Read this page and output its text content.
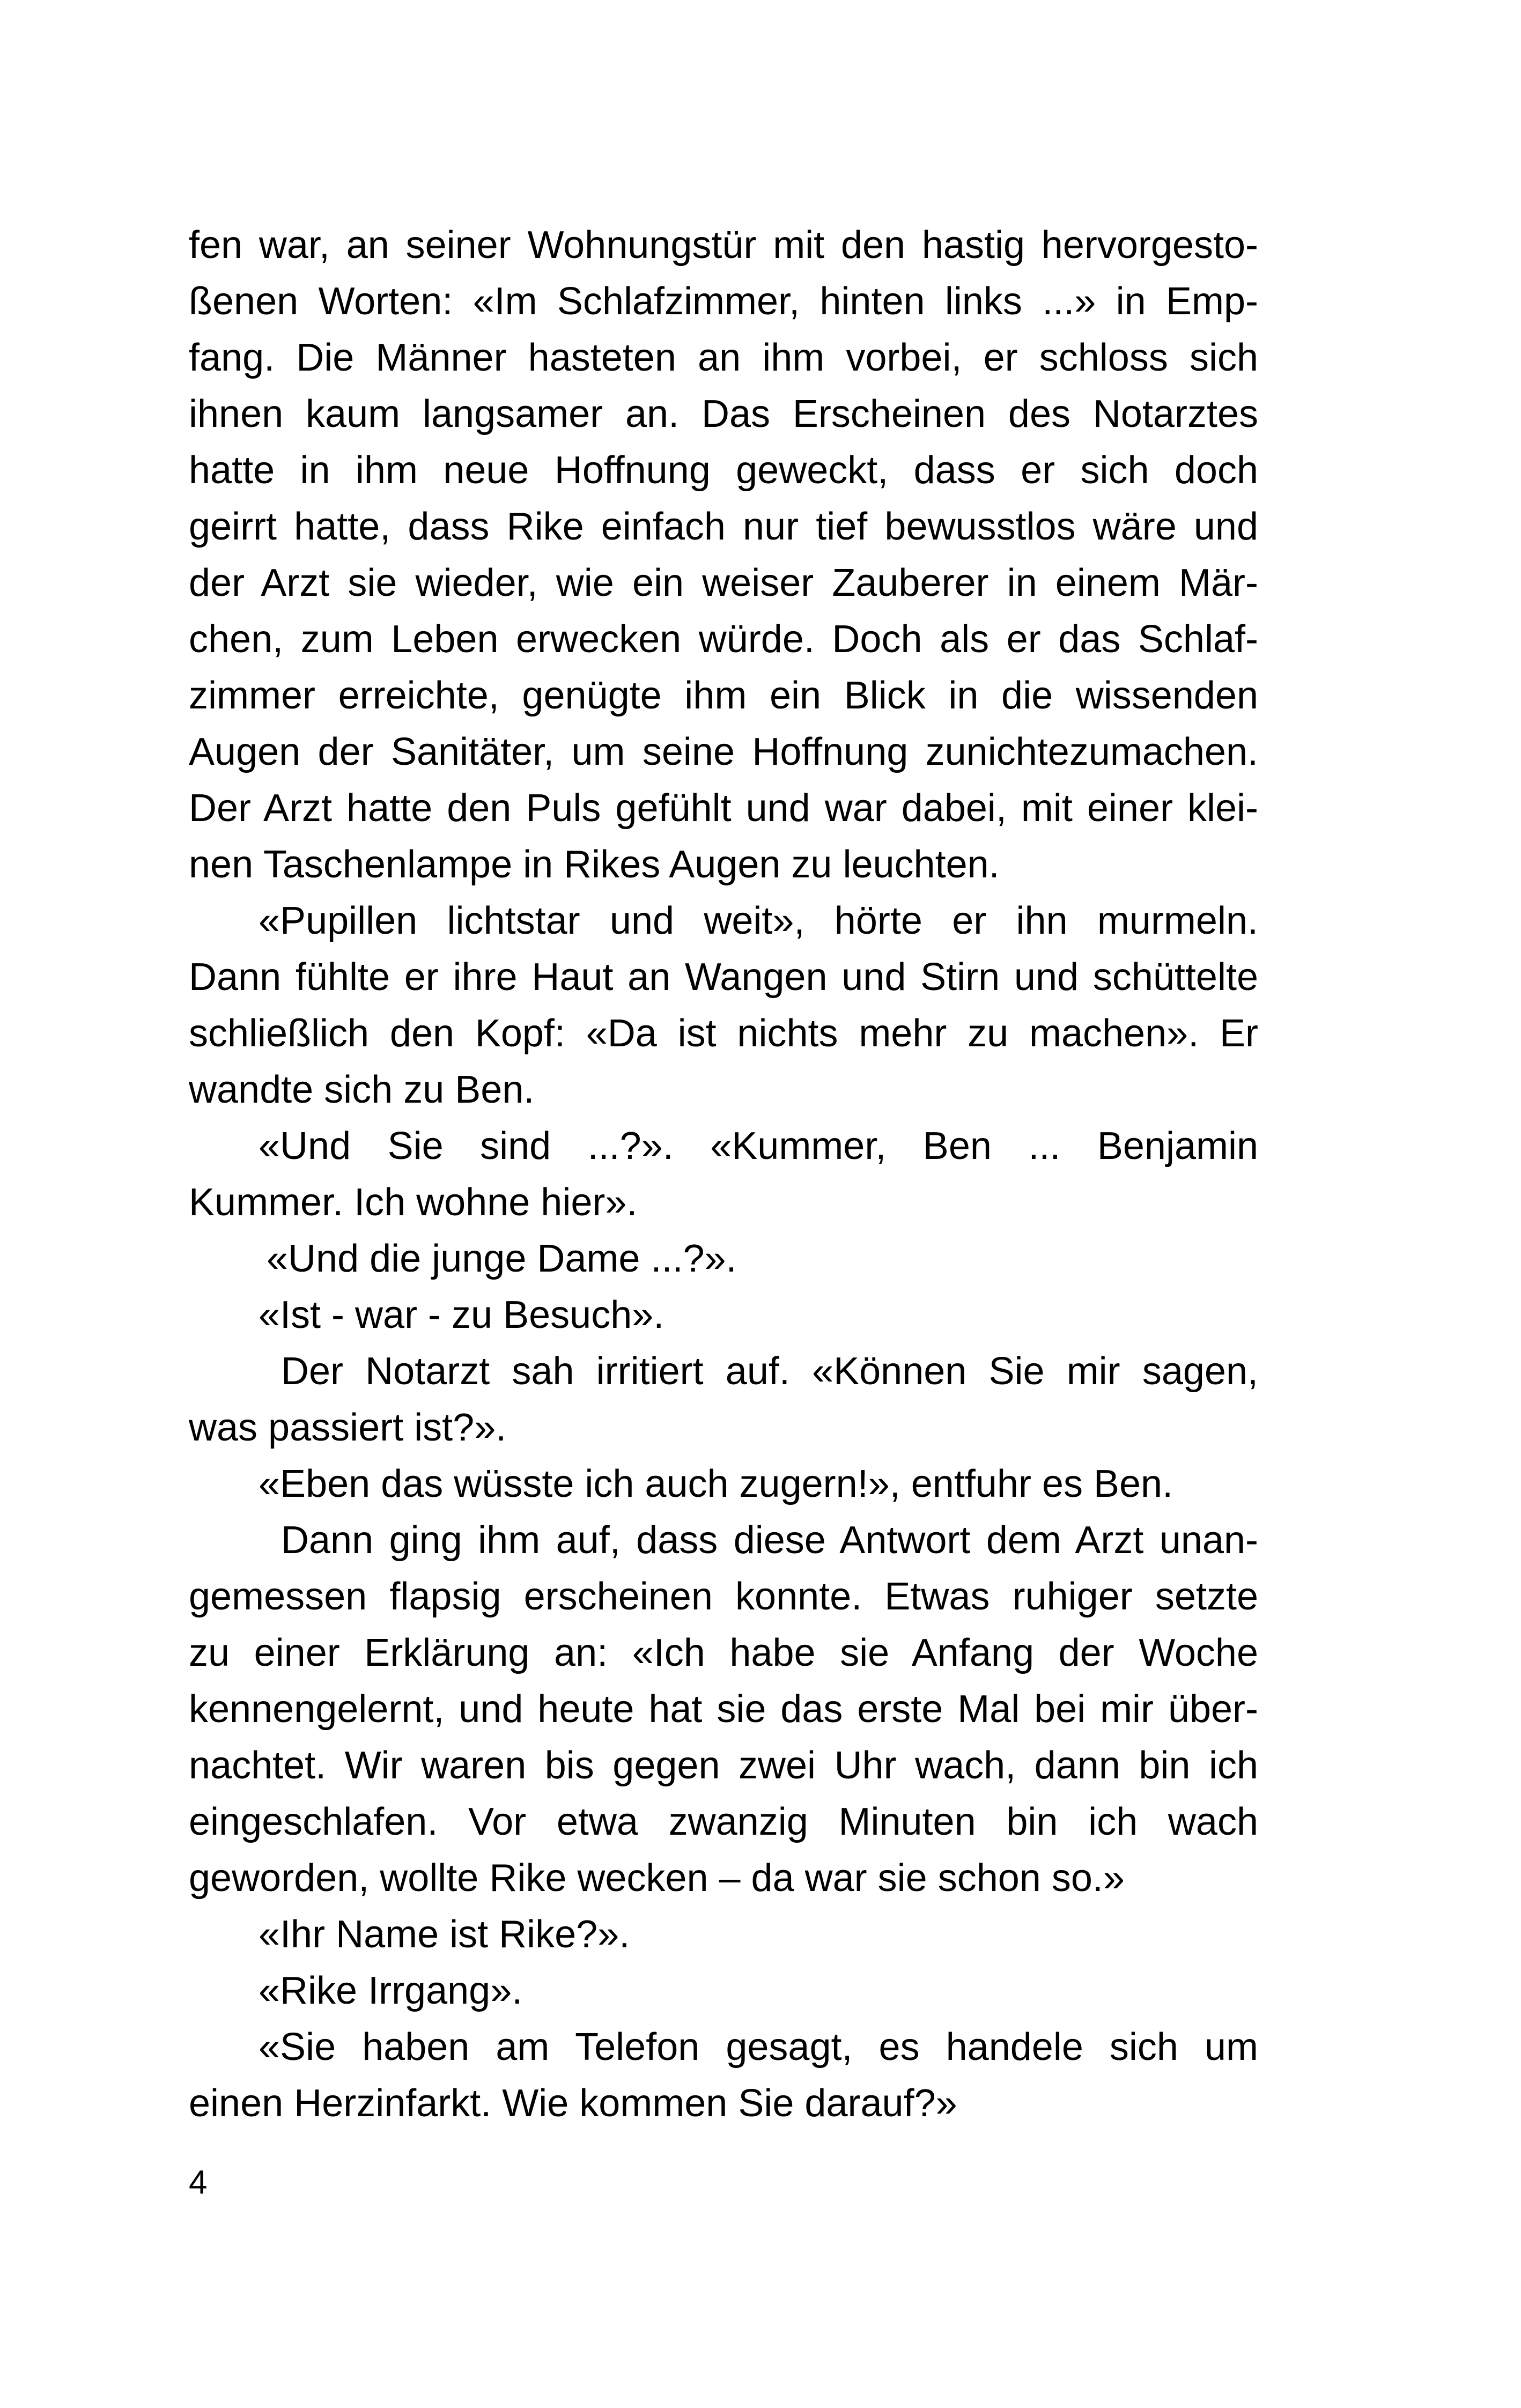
fen war, an seiner Wohnungstür mit den hastig hervorgesto-
ßenen Worten: «Im Schlafzimmer, hinten links ...» in Emp-
fang. Die Männer hasteten an ihm vorbei, er schloss sich
ihnen kaum langsamer an. Das Erscheinen des Notarztes
hatte in ihm neue Hoffnung geweckt, dass er sich doch
geirrt hatte, dass Rike einfach nur tief bewusstlos wäre und
der Arzt sie wieder, wie ein weiser Zauberer in einem Mär-
chen, zum Leben erwecken würde. Doch als er das Schlaf-
zimmer erreichte, genügte ihm ein Blick in die wissenden
Augen der Sanitäter, um seine Hoffnung zunichtezumachen.
Der Arzt hatte den Puls gefühlt und war dabei, mit einer klei-
nen Taschenlampe in Rikes Augen zu leuchten.
«Pupillen lichtstar und weit», hörte er ihn murmeln.
Dann fühlte er ihre Haut an Wangen und Stirn und schüttelte
schließlich den Kopf: «Da ist nichts mehr zu machen». Er
wandte sich zu Ben.
«Und Sie sind ...?». «Kummer, Ben ... Benjamin
Kummer. Ich wohne hier».
«Und die junge Dame ...?».
«Ist - war - zu Besuch».
Der Notarzt sah irritiert auf. «Können Sie mir sagen,
was passiert ist?».
«Eben das wüsste ich auch zugern!», entfuhr es Ben.
Dann ging ihm auf, dass diese Antwort dem Arzt unan-
gemessen flapsig erscheinen konnte. Etwas ruhiger setzte
zu einer Erklärung an: «Ich habe sie Anfang der Woche
kennengelernt, und heute hat sie das erste Mal bei mir über-
nachtet. Wir waren bis gegen zwei Uhr wach, dann bin ich
eingeschlafen. Vor etwa zwanzig Minuten bin ich wach
geworden, wollte Rike wecken – da war sie schon so.»
«Ihr Name ist Rike?».
«Rike Irrgang».
«Sie haben am Telefon gesagt, es handele sich um
einen Herzinfarkt. Wie kommen Sie darauf?»
4
